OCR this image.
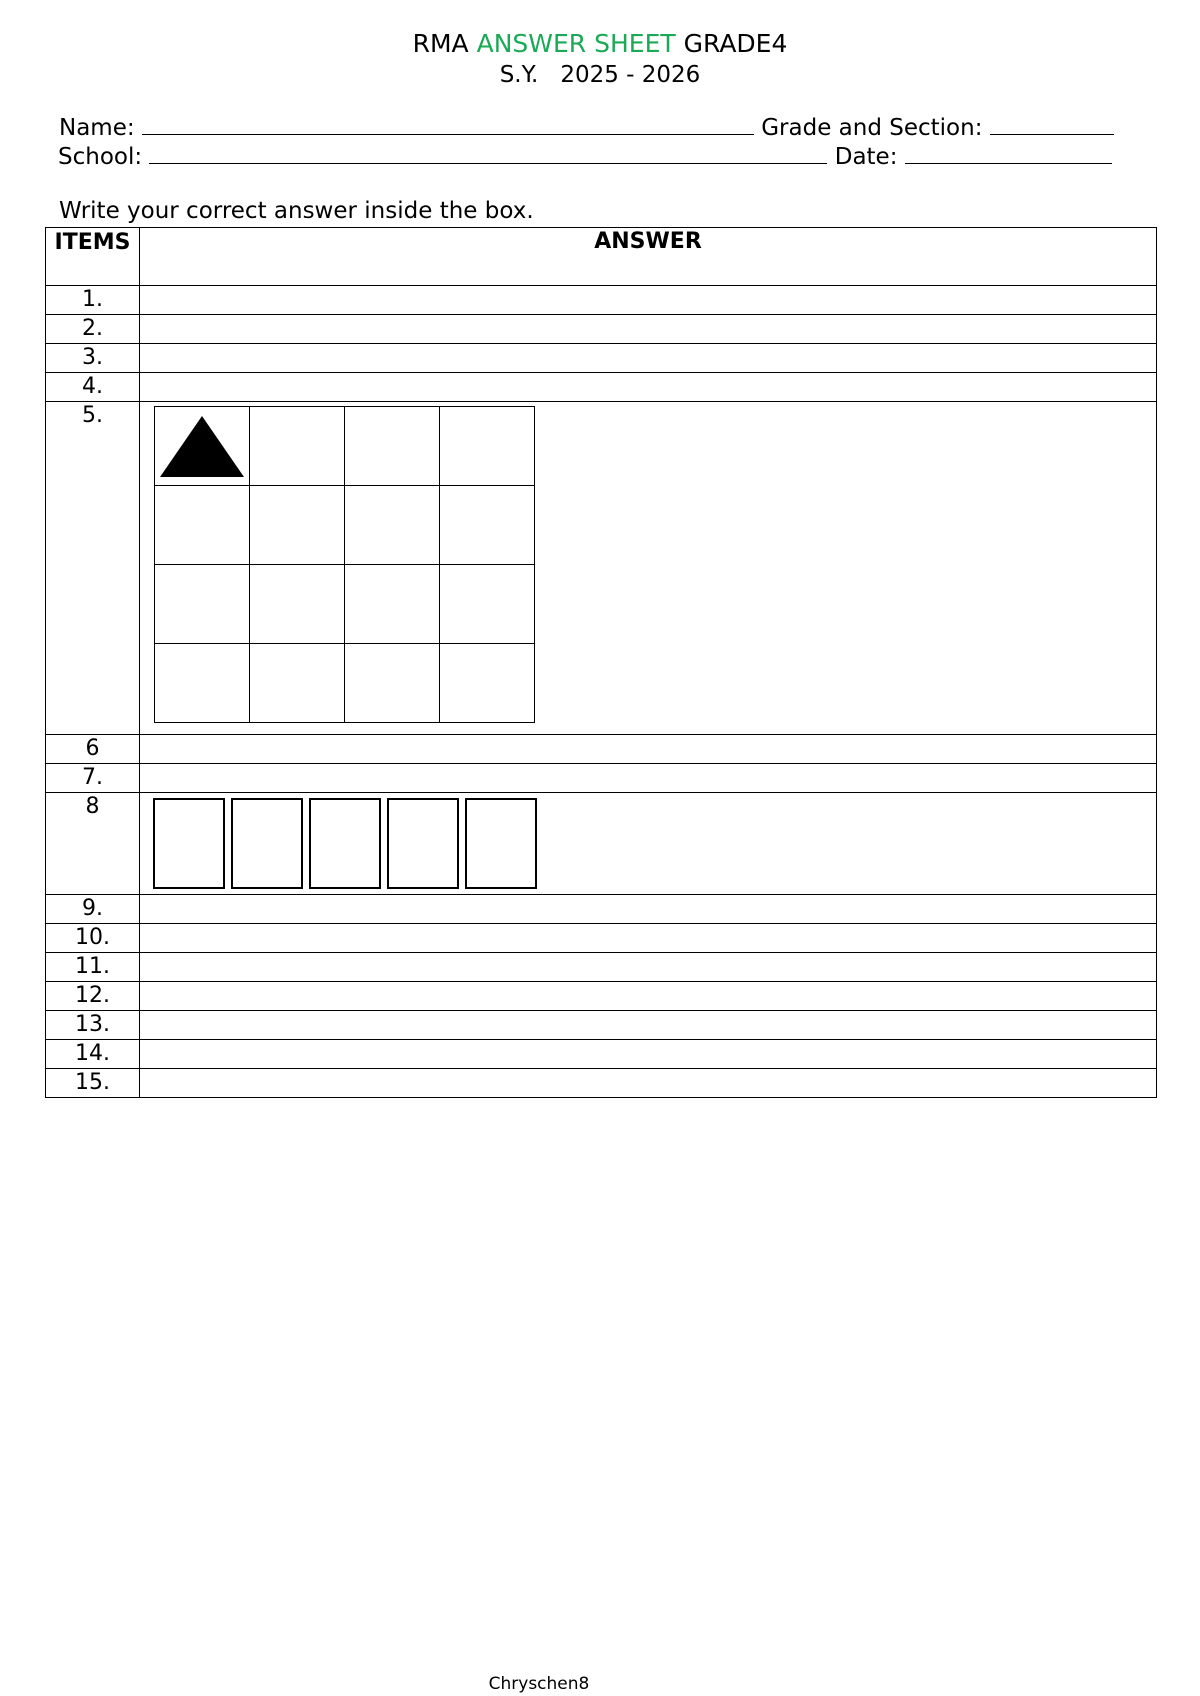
RMA ANSWER SHEET GRADE4
S.Y. 2025 - 2026
Name:	Grade and Section:
School:	Date:
Write your correct answer inside the box.
ITEMS	ANSWER
1.	
2.	
3.	
4.	
5.	

6	
7.	
8	

9.	
10.	
11.	
12.	
13.	
14.	
15.	
Chryschen8
